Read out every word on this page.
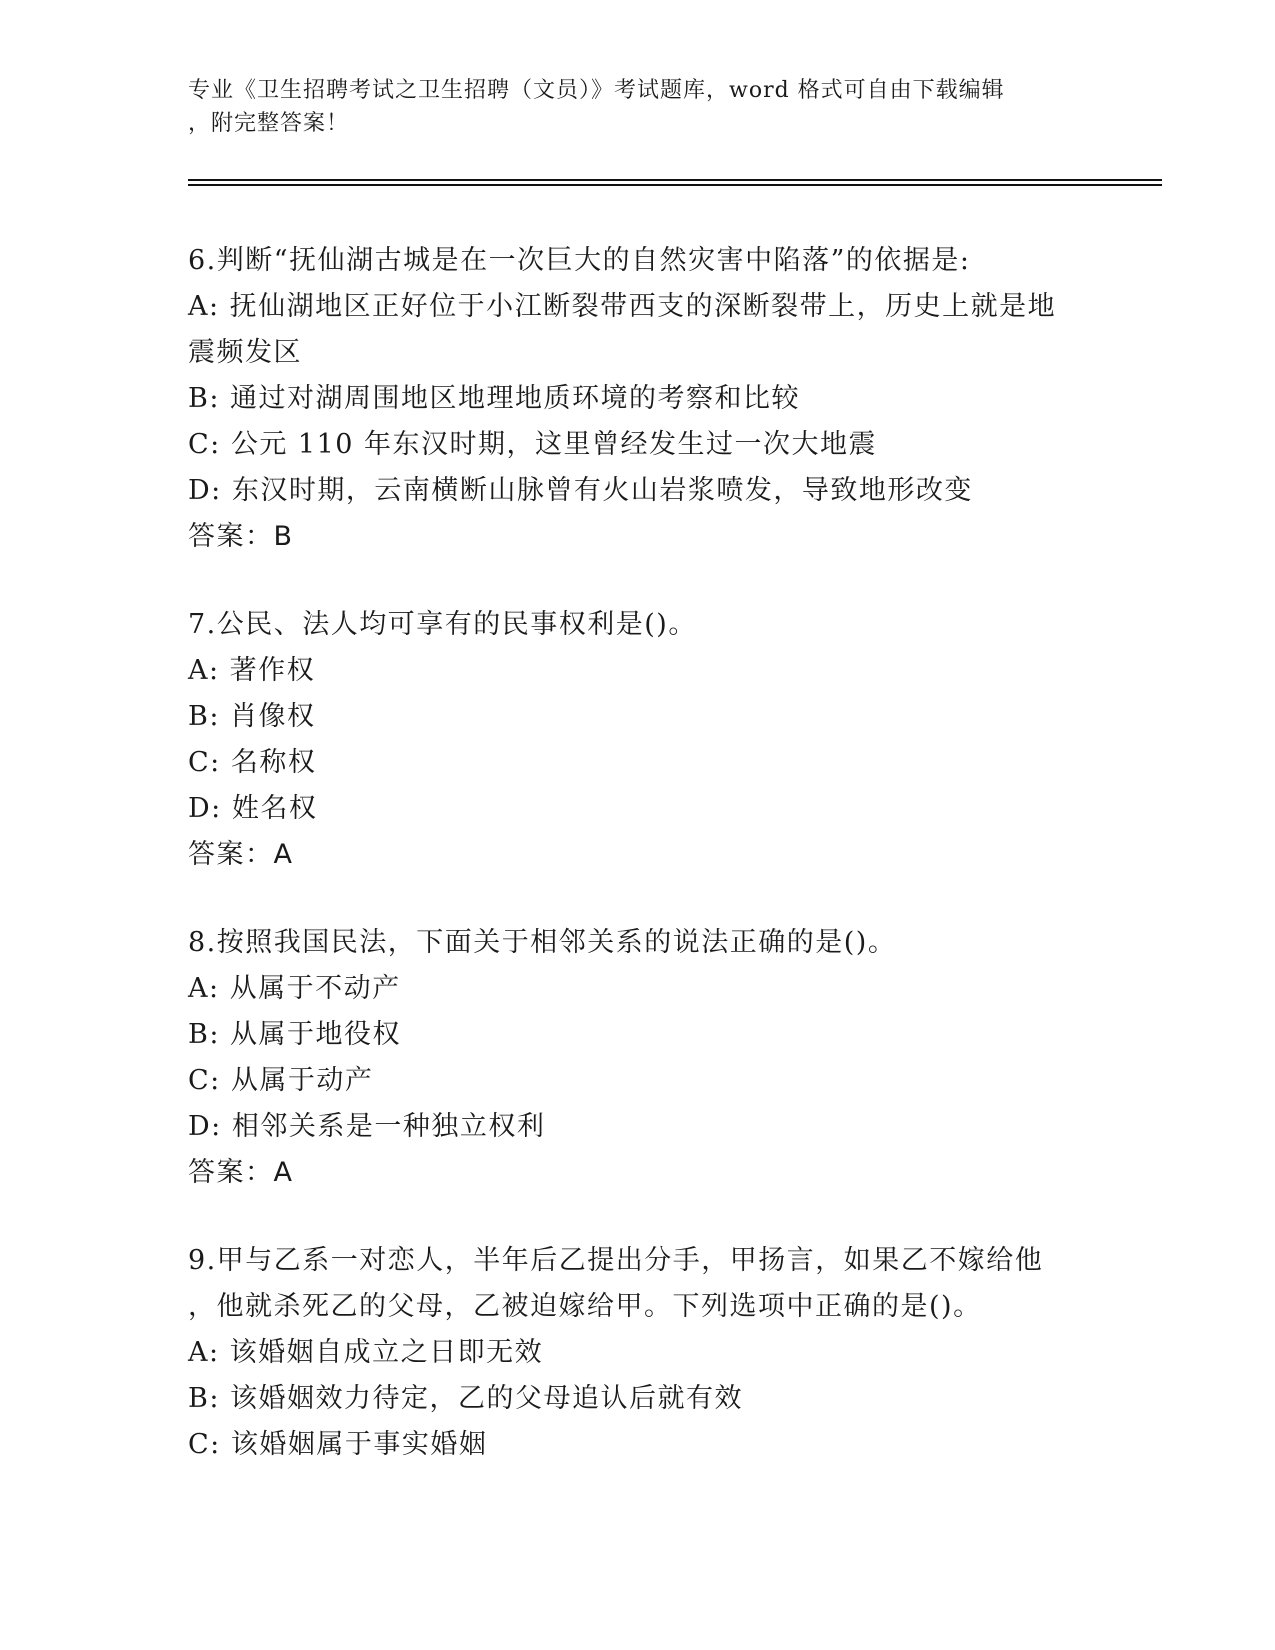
专业《卫生招聘考试之卫生招聘（文员）》考试题库，word 格式可自由下载编辑
，附完整答案！
6.判断“抚仙湖古城是在一次巨大的自然灾害中陷落”的依据是:
A: 抚仙湖地区正好位于小江断裂带西支的深断裂带上，历史上就是地
震频发区
B: 通过对湖周围地区地理地质环境的考察和比较
C: 公元 110 年东汉时期，这里曾经发生过一次大地震
D: 东汉时期，云南横断山脉曾有火山岩浆喷发，导致地形改变
答案：B
7.公民、法人均可享有的民事权利是()。
A: 著作权
B: 肖像权
C: 名称权
D: 姓名权
答案：A
8.按照我国民法，下面关于相邻关系的说法正确的是()。
A: 从属于不动产
B: 从属于地役权
C: 从属于动产
D: 相邻关系是一种独立权利
答案：A
9.甲与乙系一对恋人，半年后乙提出分手，甲扬言，如果乙不嫁给他
，他就杀死乙的父母，乙被迫嫁给甲。下列选项中正确的是()。
A: 该婚姻自成立之日即无效
B: 该婚姻效力待定，乙的父母追认后就有效
C: 该婚姻属于事实婚姻
